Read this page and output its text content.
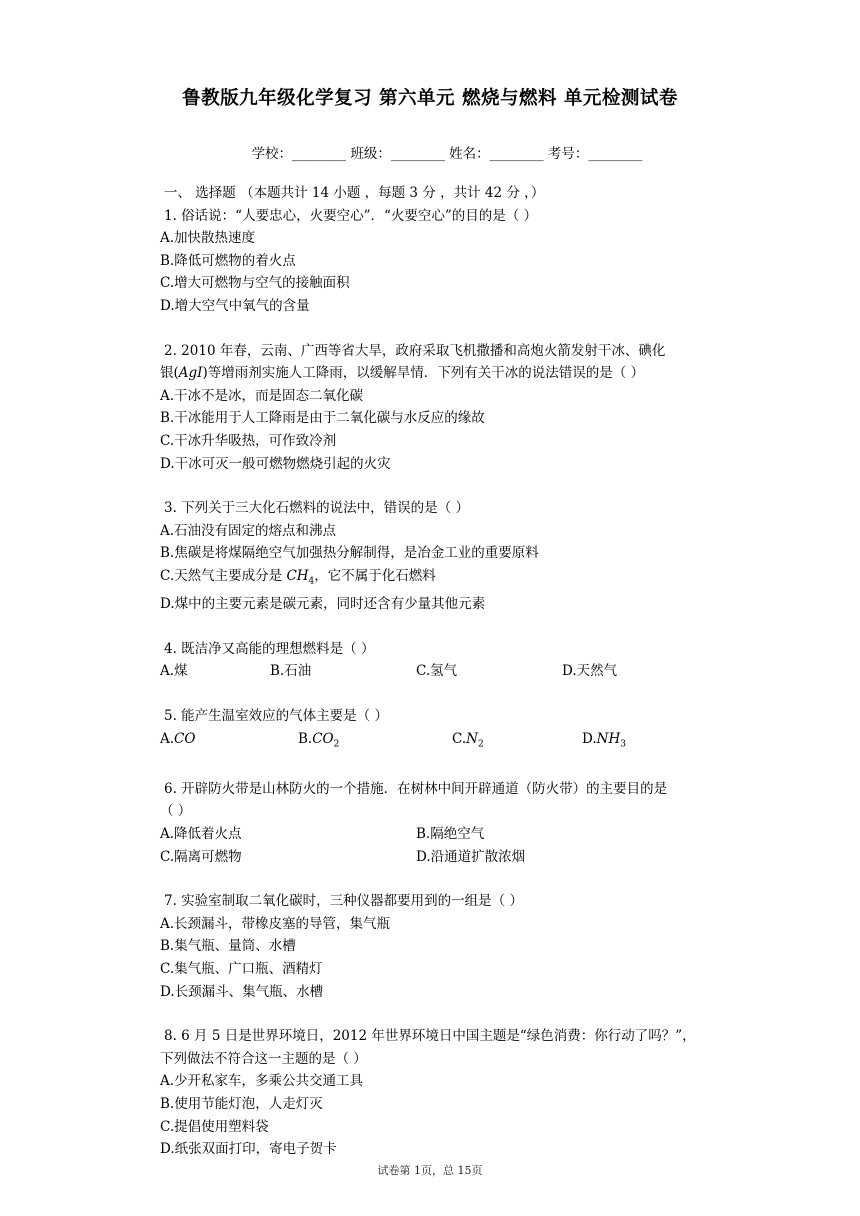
鲁教版九年级化学复习 第六单元 燃烧与燃料 单元检测试卷
学校：________ 班级：________ 姓名：________ 考号：________
一、 选择题 （本题共计 14 小题 ，每题 3 分 ，共计 42 分 ，）
1. 俗话说：“人要忠心，火要空心”．“火要空心”的目的是（ ）
A.加快散热速度
B.降低可燃物的着火点
C.增大可燃物与空气的接触面积
D.增大空气中氧气的含量
2. 2010 年春，云南、广西等省大旱，政府采取飞机撒播和高炮火箭发射干冰、碘化
银(AgI)等增雨剂实施人工降雨，以缓解旱情．下列有关干冰的说法错误的是（ ）
A.干冰不是冰，而是固态二氧化碳
B.干冰能用于人工降雨是由于二氧化碳与水反应的缘故
C.干冰升华吸热，可作致冷剂
D.干冰可灭一般可燃物燃烧引起的火灾
3. 下列关于三大化石燃料的说法中，错误的是（ ）
A.石油没有固定的熔点和沸点
B.焦碳是将煤隔绝空气加强热分解制得，是冶金工业的重要原料
C.天然气主要成分是 $CH_4$，它不属于化石燃料
D.煤中的主要元素是碳元素，同时还含有少量其他元素
4. 既洁净又高能的理想燃料是（ ）
A.煤	B.石油	C.氢气	D.天然气
5. 能产生温室效应的气体主要是（ ）
A.CO	$B.CO_2$	$C.N_2$	$D.NH_3$
6. 开辟防火带是山林防火的一个措施．在树林中间开辟通道（防火带）的主要目的是
（ ）
A.降低着火点	B.隔绝空气
C.隔离可燃物	D.沿通道扩散浓烟
7. 实验室制取二氧化碳时，三种仪器都要用到的一组是（ ）
A.长颈漏斗，带橡皮塞的导管，集气瓶
B.集气瓶、量筒、水槽
C.集气瓶、广口瓶、酒精灯
D.长颈漏斗、集气瓶、水槽
8. 6 月 5 日是世界环境日，2012 年世界环境日中国主题是“绿色消费：你行动了吗？”，
下列做法不符合这一主题的是（ ）
A.少开私家车，多乘公共交通工具
B.使用节能灯泡，人走灯灭
C.提倡使用塑料袋
D.纸张双面打印，寄电子贺卡
试卷第 1页，总 15页
